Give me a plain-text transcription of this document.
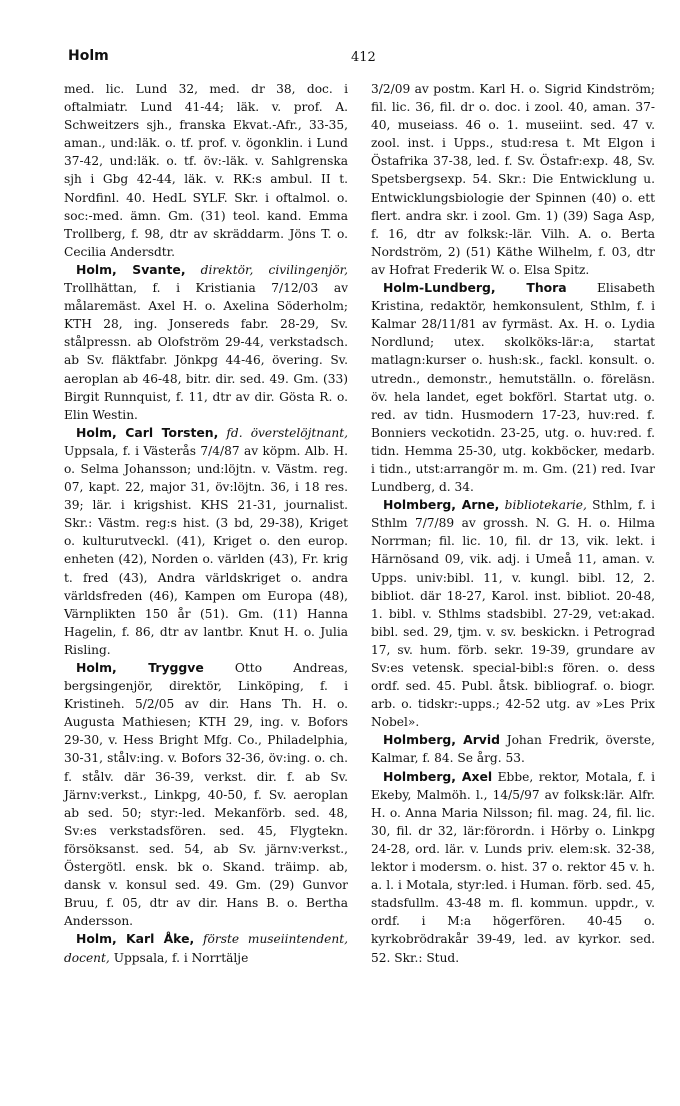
Holm	412

med. lic. Lund 32, med. dr 38, doc. i oftalmiatr. Lund 41-44; läk. v. prof. A. Schweitzers sjh., franska Ekvat.-Afr., 33-35, aman., und:läk. o. tf. prof. v. ögonklin. i Lund 37-42, und:läk. o. tf. öv:-läk. v. Sahlgrenska sjh i Gbg 42-44, läk. v. RK:s ambul. II t. Nordfinl. 40. HedL SYLF. Skr. i oftalmol. o. soc:-med. ämn. Gm. (31) teol. kand. Emma Trollberg, f. 98, dtr av skräddarm. Jöns T. o. Cecilia Andersdtr.

Holm, Svante, direktör, civilingenjör, Trollhättan, f. i Kristiania 7/12/03 av målaremäst. Axel H. o. Axelina Söderholm; KTH 28, ing. Jonsereds fabr. 28-29, Sv. stålpressn. ab Olofström 29-44, verkstadsch. ab Sv. fläktfabr. Jönkpg 44-46, övering. Sv. aeroplan ab 46-48, bitr. dir. sed. 49. Gm. (33) Birgit Runnquist, f. 11, dtr av dir. Gösta R. o. Elin Westin.

Holm, Carl Torsten, fd. överstelöjtnant, Uppsala, f. i Västerås 7/4/87 av köpm. Alb. H. o. Selma Johansson; und:löjtn. v. Västm. reg. 07, kapt. 22, major 31, öv:löjtn. 36, i 18 res. 39; lär. i krigshist. KHS 21-31, journalist. Skr.: Västm. reg:s hist. (3 bd, 29-38), Kriget o. kulturutveckl. (41), Kriget o. den europ. enheten (42), Norden o. världen (43), Fr. krig t. fred (43), Andra världskriget o. andra världsfreden (46), Kampen om Europa (48), Värnplikten 150 år (51). Gm. (11) Hanna Hagelin, f. 86, dtr av lantbr. Knut H. o. Julia Risling.

Holm, Tryggve	Otto Andreas, bergsingenjör, direktör, Linköping, f. i Kristineh. 5/2/05 av dir. Hans Th. H. o. Augusta Mathiesen; KTH 29, ing. v. Bofors 29-30, v. Hess Bright Mfg. Co., Philadelphia, 30-31, stålv:ing. v. Bofors 32-36, öv:ing. o. ch. f. stålv. där 36-39, verkst. dir. f. ab Sv. Järnv:verkst., Linkpg, 40-50, f. Sv. aeroplan ab sed. 50; styr:-led. Mekanförb. sed. 48, Sv:es verkstadsfören. sed. 45, Flygtekn. försöksanst. sed. 54, ab Sv. järnv:verkst., Östergötl. ensk. bk o. Skand. träimp. ab, dansk v. konsul sed. 49. Gm. (29) Gunvor Bruu, f. 05, dtr av dir. Hans B. o. Bertha Andersson.

Holm, Karl Åke, förste museiintendent, docent, Uppsala, f. i Norrtälje

3/2/09 av postm. Karl H. o. Sigrid Kindström; fil. lic. 36, fil. dr o. doc. i zool. 40, aman. 37-40, museiass. 46 o. 1. museiint. sed. 47 v. zool. inst. i Upps., stud:resa t. Mt Elgon i Östafrika 37-38, led. f. Sv. Östafr:exp. 48, Sv. Spetsbergsexp. 54. Skr.: Die Entwicklung u. Entwicklungsbiologie der Spinnen (40) o. ett flert. andra skr. i zool. Gm. 1) (39) Saga Asp, f. 16, dtr av folksk:-lär. Vilh. A. o. Berta Nordström, 2) (51) Käthe Wilhelm, f. 03, dtr av Hofrat Frederik W. o. Elsa Spitz.

Holm-Lundberg, Thora Elisabeth Kristina, redaktör, hemkonsulent, Sthlm, f. i Kalmar 28/11/81 av fyrmäst. Ax. H. o. Lydia Nordlund; utex. skolköks-lär:a, startat matlagn:kurser o. hush:sk., fackl. konsult. o. utredn., demonstr., hemutställn. o. föreläsn. öv. hela landet, eget bokförl. Startat utg. o. red. av tidn. Husmodern 17-23, huv:red. f. Bonniers veckotidn. 23-25, utg. o. huv:red. f. tidn. Hemma 25-30, utg. kokböcker, medarb. i tidn., utst:arrangör m. m. Gm. (21) red. Ivar Lundberg, d. 34.

Holmberg, Arne, bibliotekarie, Sthlm, f. i Sthlm 7/7/89 av grossh. N. G. H. o. Hilma Norrman; fil. lic. 10, fil. dr 13, vik. lekt. i Härnösand 09, vik. adj. i Umeå 11, aman. v. Upps. univ:bibl. 11, v. kungl. bibl. 12, 2. bibliot. där 18-27, Karol. inst. bibliot. 20-48, 1. bibl. v. Sthlms stadsbibl. 27-29, vet:akad. bibl. sed. 29, tjm. v. sv. beskickn. i Petrograd 17, sv. hum. förb. sekr. 19-39, grundare av Sv:es vetensk. special-bibl:s fören. o. dess ordf. sed. 45. Publ. åtsk. bibliograf. o. biogr. arb. o. tidskr:-upps.; 42-52 utg. av »Les Prix Nobel».

Holmberg, Arvid Johan Fredrik, överste, Kalmar, f. 84. Se årg. 53.

Holmberg, Axel Ebbe, rektor, Motala, f. i Ekeby, Malmöh. l., 14/5/97 av folksk:lär. Alfr. H. o. Anna Maria Nilsson; fil. mag. 24, fil. lic. 30, fil. dr 32, lär:förordn. i Hörby o. Linkpg 24-28, ord. lär. v. Lunds priv. elem:sk. 32-38, lektor i modersm. o. hist. 37 o. rektor 45 v. h. a. l. i Motala, styr:led. i Human. förb. sed. 45, stadsfullm. 43-48 m. fl. kommun. uppdr., v. ordf. i M:a högerfören. 40-45 o. kyrkobrödrakår 39-49, led. av kyrkor. sed. 52. Skr.: Stud.
